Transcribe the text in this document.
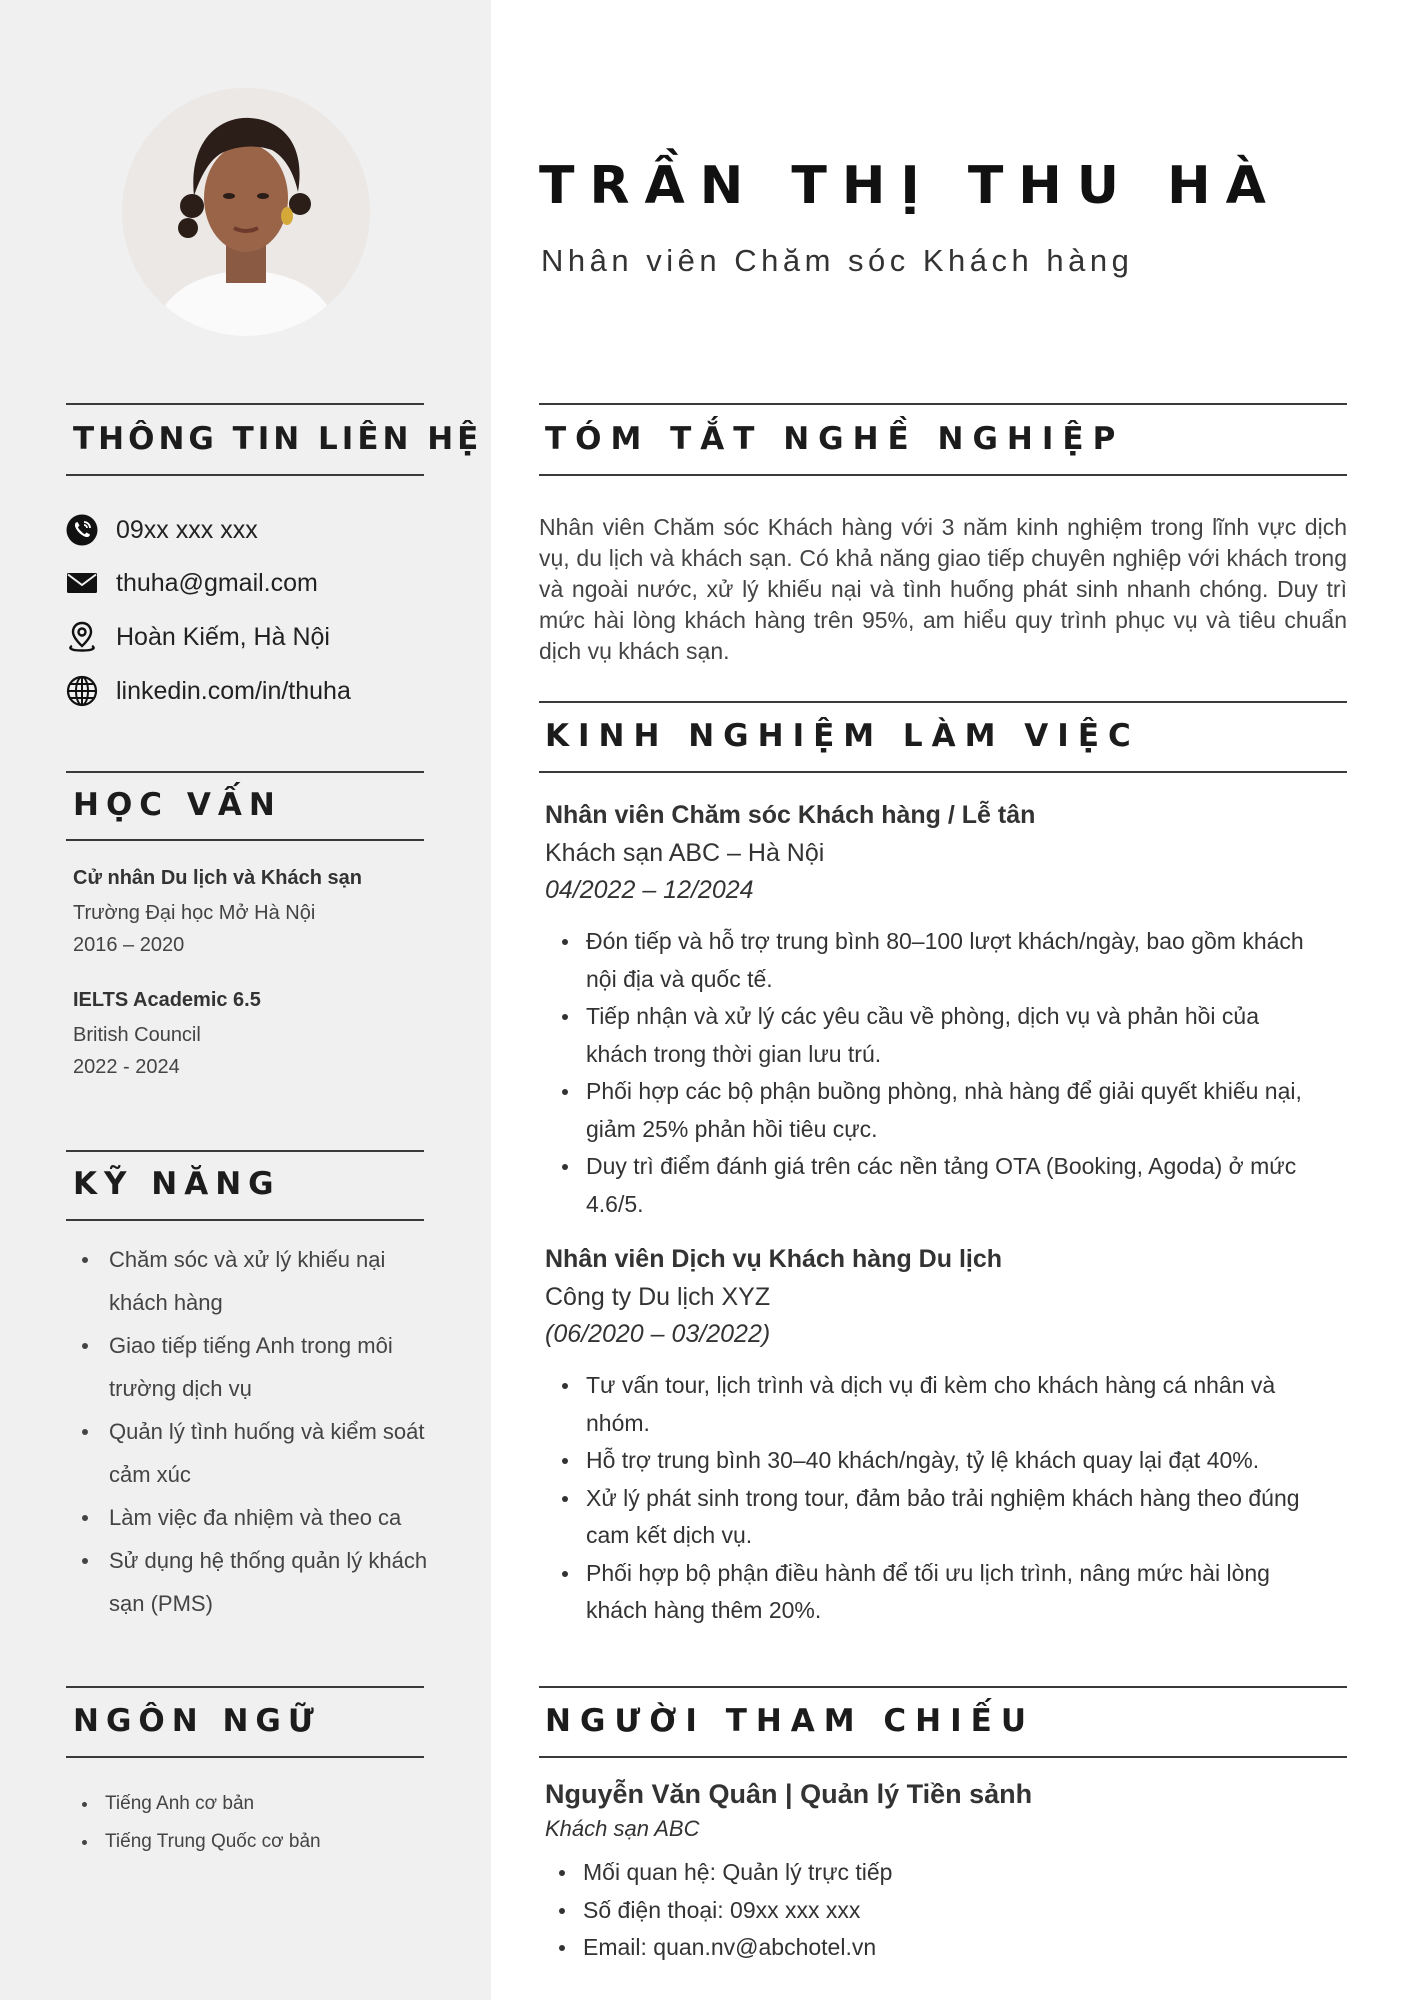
THÔNG TIN LIÊN HỆ
09xx xxx xxx
thuha@gmail.com
Hoàn Kiếm, Hà Nội
linkedin.com/in/thuha
HỌC VẤN
Cử nhân Du lịch và Khách sạn
Trường Đại học Mở Hà Nội
2016 – 2020
IELTS Academic 6.5
British Council
2022 - 2024
KỸ NĂNG
Chăm sóc và xử lý khiếu nại khách hàng
Giao tiếp tiếng Anh trong môi trường dịch vụ
Quản lý tình huống và kiểm soát cảm xúc
Làm việc đa nhiệm và theo ca
Sử dụng hệ thống quản lý khách sạn (PMS)
NGÔN NGỮ
Tiếng Anh cơ bản
Tiếng Trung Quốc cơ bản
TRẦN THỊ THU HÀ
Nhân viên Chăm sóc Khách hàng
TÓM TẮT NGHỀ NGHIỆP
Nhân viên Chăm sóc Khách hàng với 3 năm kinh nghiệm trong lĩnh vực dịch vụ, du lịch và khách sạn. Có khả năng giao tiếp chuyên nghiệp với khách trong và ngoài nước, xử lý khiếu nại và tình huống phát sinh nhanh chóng. Duy trì mức hài lòng khách hàng trên 95%, am hiểu quy trình phục vụ và tiêu chuẩn dịch vụ khách sạn.
KINH NGHIỆM LÀM VIỆC
Nhân viên Chăm sóc Khách hàng / Lễ tân
Khách sạn ABC – Hà Nội
04/2022 – 12/2024
Đón tiếp và hỗ trợ trung bình 80–100 lượt khách/ngày, bao gồm khách nội địa và quốc tế.
Tiếp nhận và xử lý các yêu cầu về phòng, dịch vụ và phản hồi của khách trong thời gian lưu trú.
Phối hợp các bộ phận buồng phòng, nhà hàng để giải quyết khiếu nại, giảm 25% phản hồi tiêu cực.
Duy trì điểm đánh giá trên các nền tảng OTA (Booking, Agoda) ở mức 4.6/5.
Nhân viên Dịch vụ Khách hàng Du lịch
Công ty Du lịch XYZ
(06/2020 – 03/2022)
Tư vấn tour, lịch trình và dịch vụ đi kèm cho khách hàng cá nhân và nhóm.
Hỗ trợ trung bình 30–40 khách/ngày, tỷ lệ khách quay lại đạt 40%.
Xử lý phát sinh trong tour, đảm bảo trải nghiệm khách hàng theo đúng cam kết dịch vụ.
Phối hợp bộ phận điều hành để tối ưu lịch trình, nâng mức hài lòng khách hàng thêm 20%.
NGƯỜI THAM CHIẾU
Nguyễn Văn Quân | Quản lý Tiền sảnh
Khách sạn ABC
Mối quan hệ: Quản lý trực tiếp
Số điện thoại: 09xx xxx xxx
Email: quan.nv@abchotel.vn
